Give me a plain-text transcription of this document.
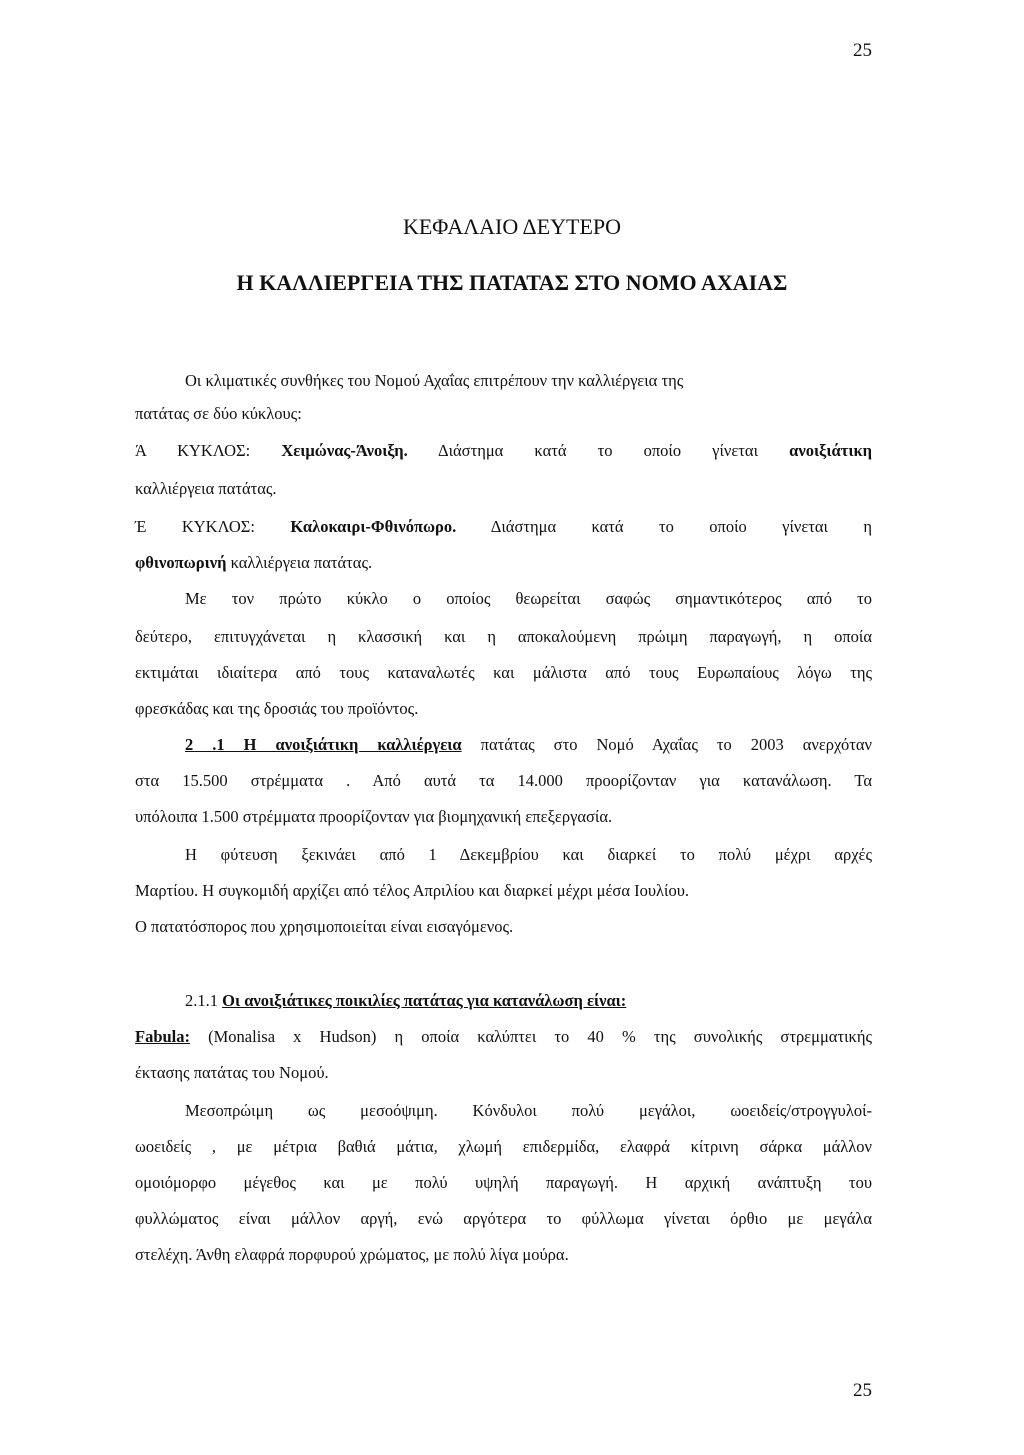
25
ΚΕΦΑΛΑΙΟ ΔΕΥΤΕΡΟ
Η ΚΑΛΛΙΕΡΓΕΙΑ ΤΗΣ ΠΑΤΑΤΑΣ ΣΤΟ ΝΟΜΟ ΑΧΑΙΑΣ
Οι κλιματικές συνθήκες του Νομού Αχαΐας επιτρέπουν την καλλιέργεια της
πατάτας σε δύο κύκλους:
Ά ΚΥΚΛΟΣ: Χειμώνας-Άνοιξη. Διάστημα κατά το οποίο γίνεται ανοιξιάτικη
καλλιέργεια πατάτας.
Έ ΚΥΚΛΟΣ: Καλοκαιρι-Φθινόπωρο. Διάστημα κατά το οποίο γίνεται η
φθινοπωρινή καλλιέργεια πατάτας.
Με τον πρώτο κύκλο ο οποίος θεωρείται σαφώς σημαντικότερος από το
δεύτερο, επιτυγχάνεται η κλασσική και η αποκαλούμενη πρώιμη παραγωγή, η οποία
εκτιμάται ιδιαίτερα από τους καταναλωτές και μάλιστα από τους Ευρωπαίους λόγω της
φρεσκάδας και της δροσιάς του προϊόντος.
2 .1 Η ανοιξιάτικη καλλιέργεια πατάτας στο Νομό Αχαΐας το 2003 ανερχόταν
στα 15.500 στρέμματα . Από αυτά τα 14.000 προορίζονταν για κατανάλωση. Τα
υπόλοιπα 1.500 στρέμματα προορίζονταν για βιομηχανική επεξεργασία.
Η φύτευση ξεκινάει από 1 Δεκεμβρίου και διαρκεί το πολύ μέχρι αρχές
Μαρτίου. Η συγκομιδή αρχίζει από τέλος Απριλίου και διαρκεί μέχρι μέσα Ιουλίου.
Ο πατατόσπορος που χρησιμοποιείται είναι εισαγόμενος.
2.1.1 Οι ανοιξιάτικες ποικιλίες πατάτας για κατανάλωση είναι:
Fabula: (Monalisa x Hudson) η οποία καλύπτει το 40 % της συνολικής στρεμματικής
έκτασης πατάτας του Νομού.
Μεσοπρώιμη ως μεσοόψιμη. Κόνδυλοι πολύ μεγάλοι, ωοειδείς/στρογγυλοί-
ωοειδείς , με μέτρια βαθιά μάτια, χλωμή επιδερμίδα, ελαφρά κίτρινη σάρκα μάλλον
ομοιόμορφο μέγεθος και με πολύ υψηλή παραγωγή. Η αρχική ανάπτυξη του
φυλλώματος είναι μάλλον αργή, ενώ αργότερα το φύλλωμα γίνεται όρθιο με μεγάλα
στελέχη. Άνθη ελαφρά πορφυρού χρώματος, με πολύ λίγα μούρα.
25
